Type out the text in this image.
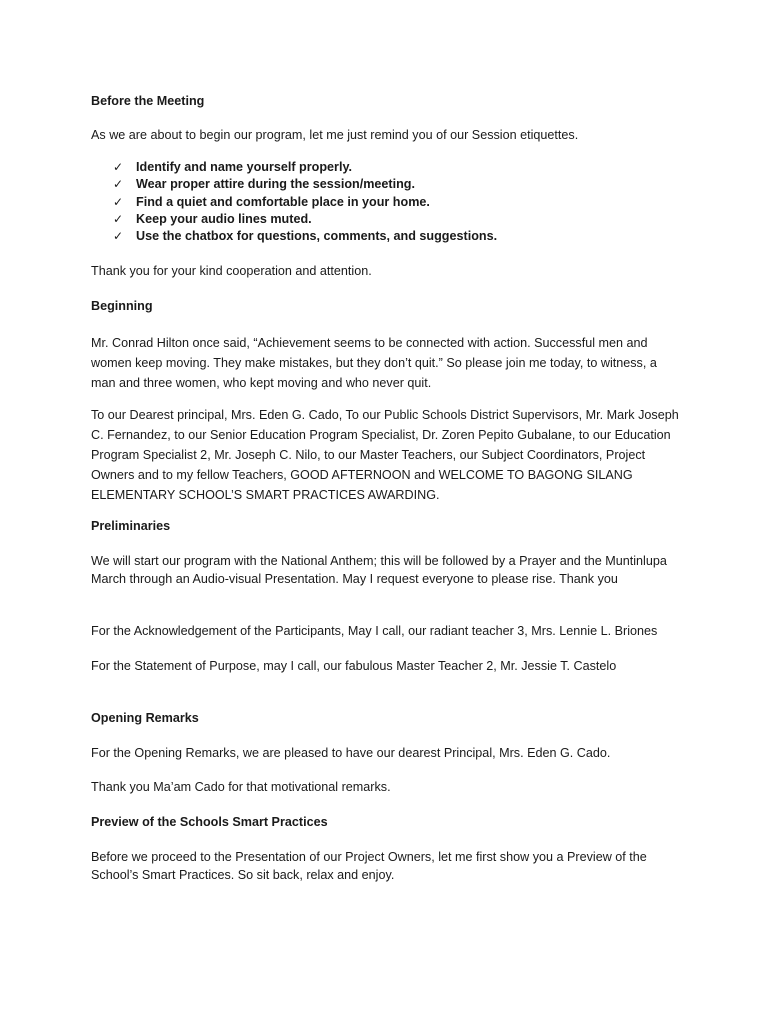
Before the Meeting

As we are about to begin our program, let me just remind you of our Session etiquettes.

✓ Identify and name yourself properly.
✓ Wear proper attire during the session/meeting.
✓ Find a quiet and comfortable place in your home.
✓ Keep your audio lines muted.
✓ Use the chatbox for questions, comments, and suggestions.

Thank you for your kind cooperation and attention.

Beginning

Mr. Conrad Hilton once said, “Achievement seems to be connected with action. Successful men and women keep moving. They make mistakes, but they don’t quit.” So please join me today, to witness, a man and three women, who kept moving and who never quit.

To our Dearest principal, Mrs. Eden G. Cado, To our Public Schools District Supervisors, Mr. Mark Joseph C. Fernandez, to our Senior Education Program Specialist, Dr. Zoren Pepito Gubalane, to our Education Program Specialist 2, Mr. Joseph C. Nilo, to our Master Teachers, our Subject Coordinators, Project Owners and to my fellow Teachers, GOOD AFTERNOON and WELCOME TO BAGONG SILANG ELEMENTARY SCHOOL’S SMART PRACTICES AWARDING.

Preliminaries

We will start our program with the National Anthem; this will be followed by a Prayer and the Muntinlupa March through an Audio-visual Presentation. May I request everyone to please rise. Thank you

For the Acknowledgement of the Participants, May I call, our radiant teacher 3, Mrs. Lennie L. Briones

For the Statement of Purpose, may I call, our fabulous Master Teacher 2, Mr. Jessie T. Castelo

Opening Remarks

For the Opening Remarks, we are pleased to have our dearest Principal, Mrs. Eden G. Cado.

Thank you Ma’am Cado for that motivational remarks.

Preview of the Schools Smart Practices

Before we proceed to the Presentation of our Project Owners, let me first show you a Preview of the School’s Smart Practices. So sit back, relax and enjoy.
